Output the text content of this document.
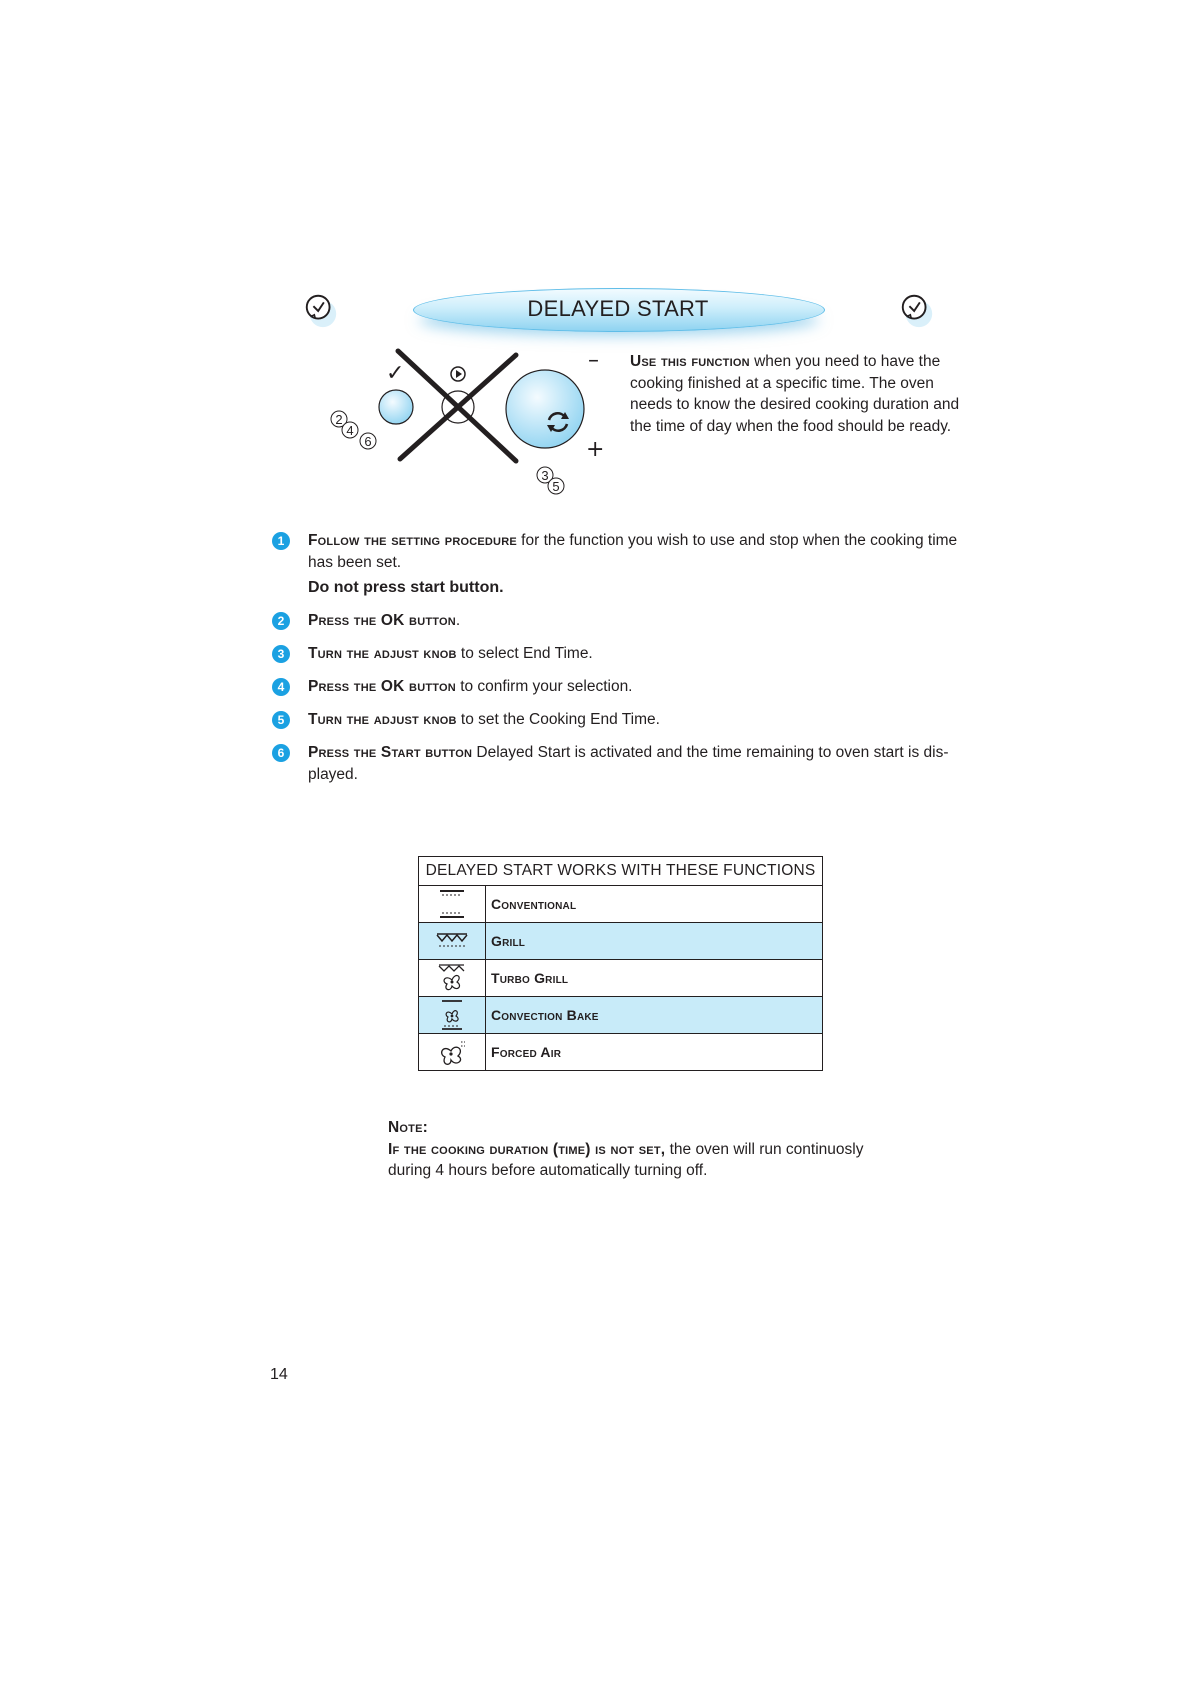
DELAYED START
✓
–
+
2
4
6
3
5
Use this function when you need to have the cooking finished at a specific time. The oven needs to know the desired cooking duration and the time of day when the food should be ready.
1	Follow the setting procedure for the function you wish to use and stop when the cooking time has been set.
Do not press start button.
2	Press the OK button.
3	Turn the adjust knob to select End Time.
4	Press the OK button to confirm your selection.
5	Turn the adjust knob to set the Cooking End Time.
6	Press the Start button Delayed Start is activated and the time remaining to oven start is dis-played.
DELAYED START WORKS WITH THESE FUNCTIONS	

	Conventional

	Grill

	Turbo Grill

	Convection Bake

	Forced Air
Note:
If the cooking duration (time) is not set, the oven will run continuosly during 4 hours before automatically turning off.
14
